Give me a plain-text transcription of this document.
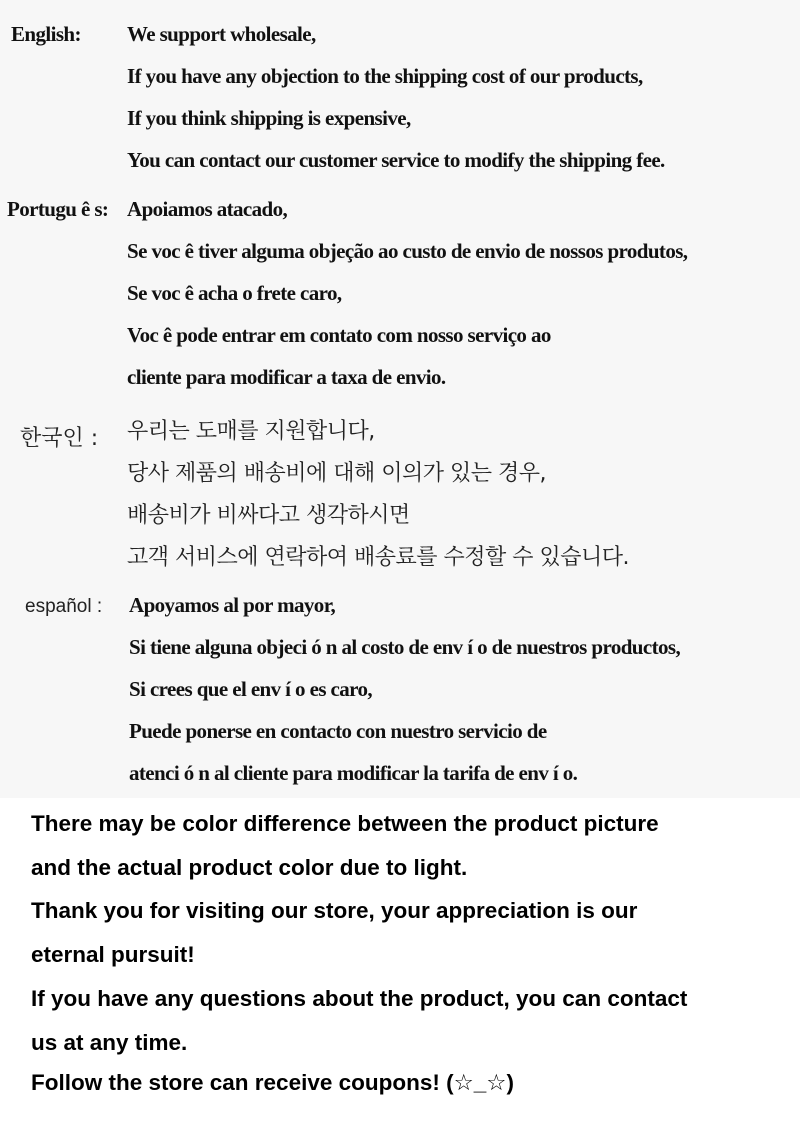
English: We support wholesale,
If you have any objection to the shipping cost of our products,
If you think shipping is expensive,
You can contact our customer service to modify the shipping fee.
Portugu ê s: Apoiamos atacado,
Se voc ê tiver alguma objeção ao custo de envio de nossos produtos,
Se voc ê acha o frete caro,
Voc ê pode entrar em contato com nosso serviço ao
cliente para modificar a taxa de envio.
한국인 : 우리는 도매를 지원합니다,
당사 제품의 배송비에 대해 이의가 있는 경우,
배송비가 비싸다고 생각하시면
고객 서비스에 연락하여 배송료를 수정할 수 있습니다.
español : Apoyamos al por mayor,
Si tiene alguna objeci ó n al costo de env í o de nuestros productos,
Si crees que el env í o es caro,
Puede ponerse en contacto con nuestro servicio de
atenci ó n al cliente para modificar la tarifa de env í o.
There may be color difference between the product picture
and the actual product color due to light.
Thank you for visiting our store, your appreciation is our
eternal pursuit!
If you have any questions about the product, you can contact
us at any time.
Follow the store can receive coupons! (☆_☆)
